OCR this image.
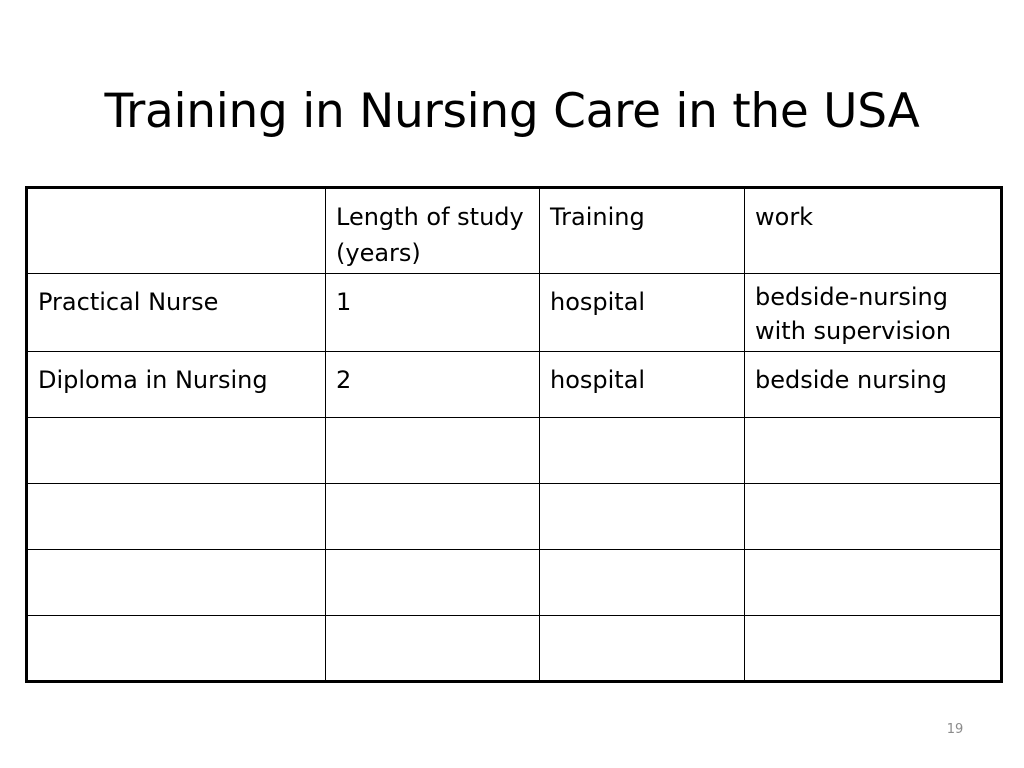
Training in Nursing Care in the USA
	Length of study (years)	Training	work
Practical Nurse	1	hospital	bedside-nursing with supervision
Diploma in Nursing	2	hospital	bedside nursing

19
